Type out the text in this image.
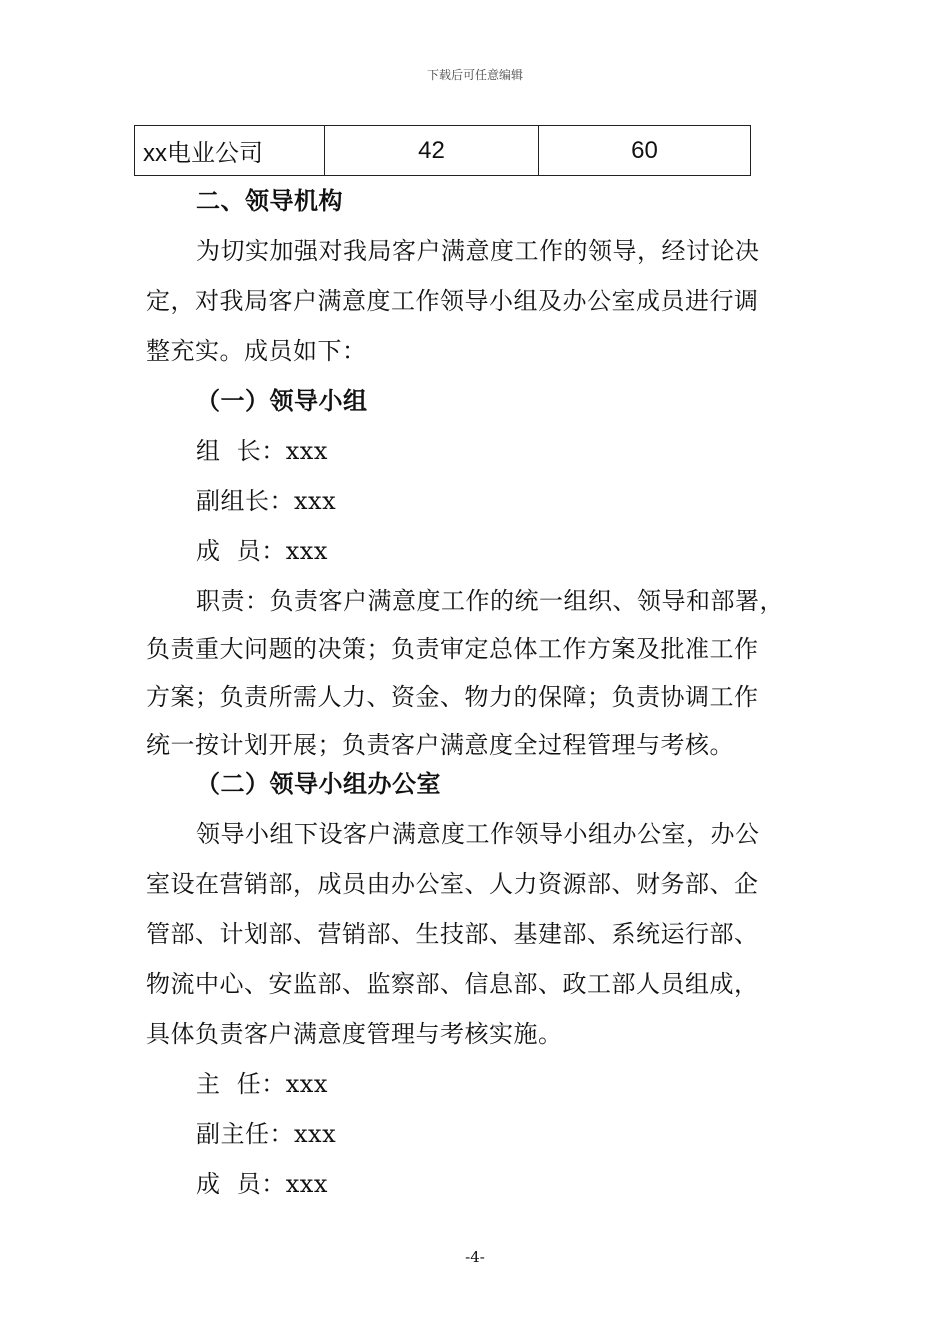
下载后可任意编辑
xx电业公司	42	60
二、领导机构
为切实加强对我局客户满意度工作的领导，经讨论决
定，对我局客户满意度工作领导小组及办公室成员进行调
整充实。成员如下：
（一）领导小组
组  长：xxx
副组长：xxx
成  员：xxx
职责：负责客户满意度工作的统一组织、领导和部署，
负责重大问题的决策；负责审定总体工作方案及批准工作
方案；负责所需人力、资金、物力的保障；负责协调工作
统一按计划开展；负责客户满意度全过程管理与考核。
（二）领导小组办公室
领导小组下设客户满意度工作领导小组办公室，办公
室设在营销部，成员由办公室、人力资源部、财务部、企
管部、计划部、营销部、生技部、基建部、系统运行部、
物流中心、安监部、监察部、信息部、政工部人员组成，
具体负责客户满意度管理与考核实施。
主  任：xxx
副主任：xxx
成  员：xxx
-4-
